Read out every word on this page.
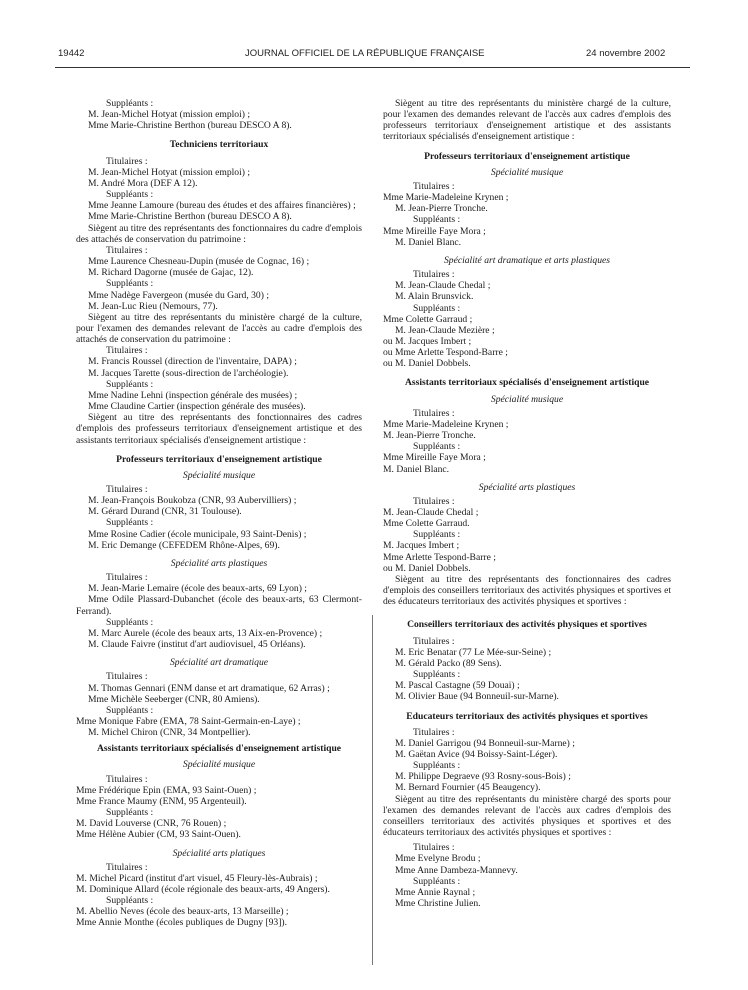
19442	JOURNAL OFFICIEL DE LA RÉPUBLIQUE FRANÇAISE	24 novembre 2002
Suppléants :
M. Jean-Michel Hotyat (mission emploi) ;
Mme Marie-Christine Berthon (bureau DESCO A 8).
Techniciens territoriaux
Titulaires :
M. Jean-Michel Hotyat (mission emploi) ;
M. André Mora (DEF A 12).
Suppléants :
Mme Jeanne Lamoure (bureau des études et des affaires financières) ;
Mme Marie-Christine Berthon (bureau DESCO A 8).
Siègent au titre des représentants des fonctionnaires du cadre d'emplois des attachés de conservation du patrimoine :
Titulaires :
Mme Laurence Chesneau-Dupin (musée de Cognac, 16) ;
M. Richard Dagorne (musée de Gajac, 12).
Suppléants :
Mme Nadège Favergeon (musée du Gard, 30) ;
M. Jean-Luc Rieu (Nemours, 77).
Siègent au titre des représentants du ministère chargé de la culture, pour l'examen des demandes relevant de l'accès au cadre d'emplois des attachés de conservation du patrimoine :
Titulaires :
M. Francis Roussel (direction de l'inventaire, DAPA) ;
M. Jacques Tarette (sous-direction de l'archéologie).
Suppléants :
Mme Nadine Lehni (inspection générale des musées) ;
Mme Claudine Cartier (inspection générale des musées).
Siègent au titre des représentants des fonctionnaires des cadres d'emplois des professeurs territoriaux d'enseignement artistique et des assistants territoriaux spécialisés d'enseignement artistique :
Professeurs territoriaux d'enseignement artistique
Spécialité musique
Titulaires :
M. Jean-François Boukobza (CNR, 93 Aubervilliers) ;
M. Gérard Durand (CNR, 31 Toulouse).
Suppléants :
Mme Rosine Cadier (école municipale, 93 Saint-Denis) ;
M. Eric Demange (CEFEDEM Rhône-Alpes, 69).
Spécialité arts plastiques
Titulaires :
M. Jean-Marie Lemaire (école des beaux-arts, 69 Lyon) ;
Mme Odile Plassard-Dubanchet (école des beaux-arts, 63 Clermont-Ferrand).
Suppléants :
M. Marc Aurele (école des beaux arts, 13 Aix-en-Provence) ;
M. Claude Faivre (institut d'art audiovisuel, 45 Orléans).
Spécialité art dramatique
Titulaires :
M. Thomas Gennari (ENM danse et art dramatique, 62 Arras) ;
Mme Michèle Seeberger (CNR, 80 Amiens).
Suppléants :
Mme Monique Fabre (EMA, 78 Saint-Germain-en-Laye) ;
M. Michel Chiron (CNR, 34 Montpellier).
Assistants territoriaux spécialisés d'enseignement artistique
Spécialité musique
Titulaires :
Mme Frédérique Epin (EMA, 93 Saint-Ouen) ;
Mme France Maumy (ENM, 95 Argenteuil).
Suppléants :
M. David Louverse (CNR, 76 Rouen) ;
Mme Hélène Aubier (CM, 93 Saint-Ouen).
Spécialité arts platiques
Titulaires :
M. Michel Picard (institut d'art visuel, 45 Fleury-lès-Aubrais) ;
M. Dominique Allard (école régionale des beaux-arts, 49 Angers).
Suppléants :
M. Abellio Neves (école des beaux-arts, 13 Marseille) ;
Mme Annie Monthe (écoles publiques de Dugny [93]).
Siègent au titre des représentants du ministère chargé de la culture, pour l'examen des demandes relevant de l'accès aux cadres d'emplois des professeurs territoriaux d'enseignement artistique et des assistants territoriaux spécialisés d'enseignement artistique :
Professeurs territoriaux d'enseignement artistique
Spécialité musique
Titulaires :
Mme Marie-Madeleine Krynen ;
M. Jean-Pierre Tronche.
Suppléants :
Mme Mireille Faye Mora ;
M. Daniel Blanc.
Spécialité art dramatique et arts plastiques
Titulaires :
M. Jean-Claude Chedal ;
M. Alain Brunsvick.
Suppléants :
Mme Colette Garraud ;
M. Jean-Claude Mezière ;
ou M. Jacques Imbert ;
ou Mme Arlette Tespond-Barre ;
ou M. Daniel Dobbels.
Assistants territoriaux spécialisés d'enseignement artistique
Spécialité musique
Titulaires :
Mme Marie-Madeleine Krynen ;
M. Jean-Pierre Tronche.
Suppléants :
Mme Mireille Faye Mora ;
M. Daniel Blanc.
Spécialité arts plastiques
Titulaires :
M. Jean-Claude Chedal ;
Mme Colette Garraud.
Suppléants :
M. Jacques Imbert ;
Mme Arlette Tespond-Barre ;
ou M. Daniel Dobbels.
Siègent au titre des représentants des fonctionnaires des cadres d'emplois des conseillers territoriaux des activités physiques et sportives et des éducateurs territoriaux des activités physiques et sportives :
Conseillers territoriaux des activités physiques et sportives
Titulaires :
M. Eric Benatar (77 Le Mée-sur-Seine) ;
M. Gérald Packo (89 Sens).
Suppléants :
M. Pascal Castagne (59 Douai) ;
M. Olivier Baue (94 Bonneuil-sur-Marne).
Educateurs territoriaux des activités physiques et sportives
Titulaires :
M. Daniel Garrigou (94 Bonneuil-sur-Marne) ;
M. Gaëtan Avice (94 Boissy-Saint-Léger).
Suppléants :
M. Philippe Degraeve (93 Rosny-sous-Bois) ;
M. Bernard Fournier (45 Beaugency).
Siègent au titre des représentants du ministère chargé des sports pour l'examen des demandes relevant de l'accès aux cadres d'emplois des conseillers territoriaux des activités physiques et sportives et des éducateurs territoriaux des activités physiques et sportives :
Titulaires :
Mme Evelyne Brodu ;
Mme Anne Dambeza-Mannevy.
Suppléants :
Mme Annie Raynal ;
Mme Christine Julien.
